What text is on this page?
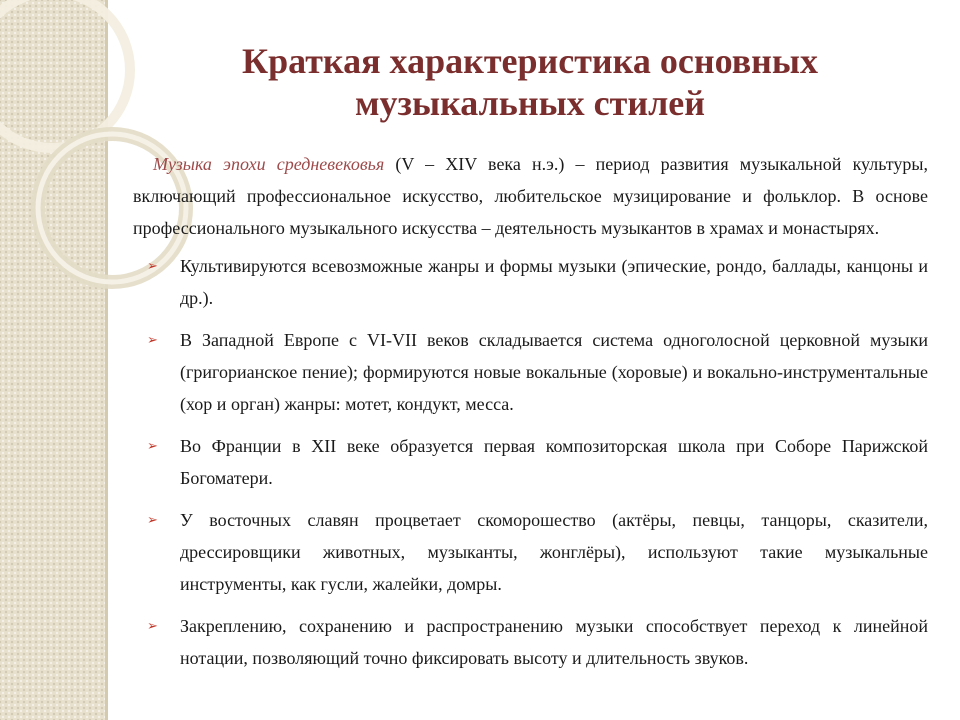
Краткая характеристика основных
музыкальных стилей

Музыка эпохи средневековья (V – XIV века н.э.) – период развития музыкальной культуры, включающий профессиональное искусство, любительское музицирование и фольклор. В основе профессионального музыкального искусства – деятельность музыкантов в храмах и монастырях.

➢ Культивируются всевозможные жанры и формы музыки (эпические, рондо, баллады, канцоны и др.).
➢ В Западной Европе с VI-VII веков складывается система одноголосной церковной музыки (григорианское пение); формируются новые вокальные (хоровые) и вокально-инструментальные (хор и орган) жанры: мотет, кондукт, месса.
➢ Во Франции в XII веке образуется первая композиторская школа при Соборе Парижской Богоматери.
➢ У восточных славян процветает скоморошество (актёры, певцы, танцоры, сказители, дрессировщики животных, музыканты, жонглёры), используют такие музыкальные инструменты, как гусли, жалейки, домры.
➢ Закреплению, сохранению и распространению музыки способствует переход к линейной нотации, позволяющий точно фиксировать высоту и длительность звуков.
